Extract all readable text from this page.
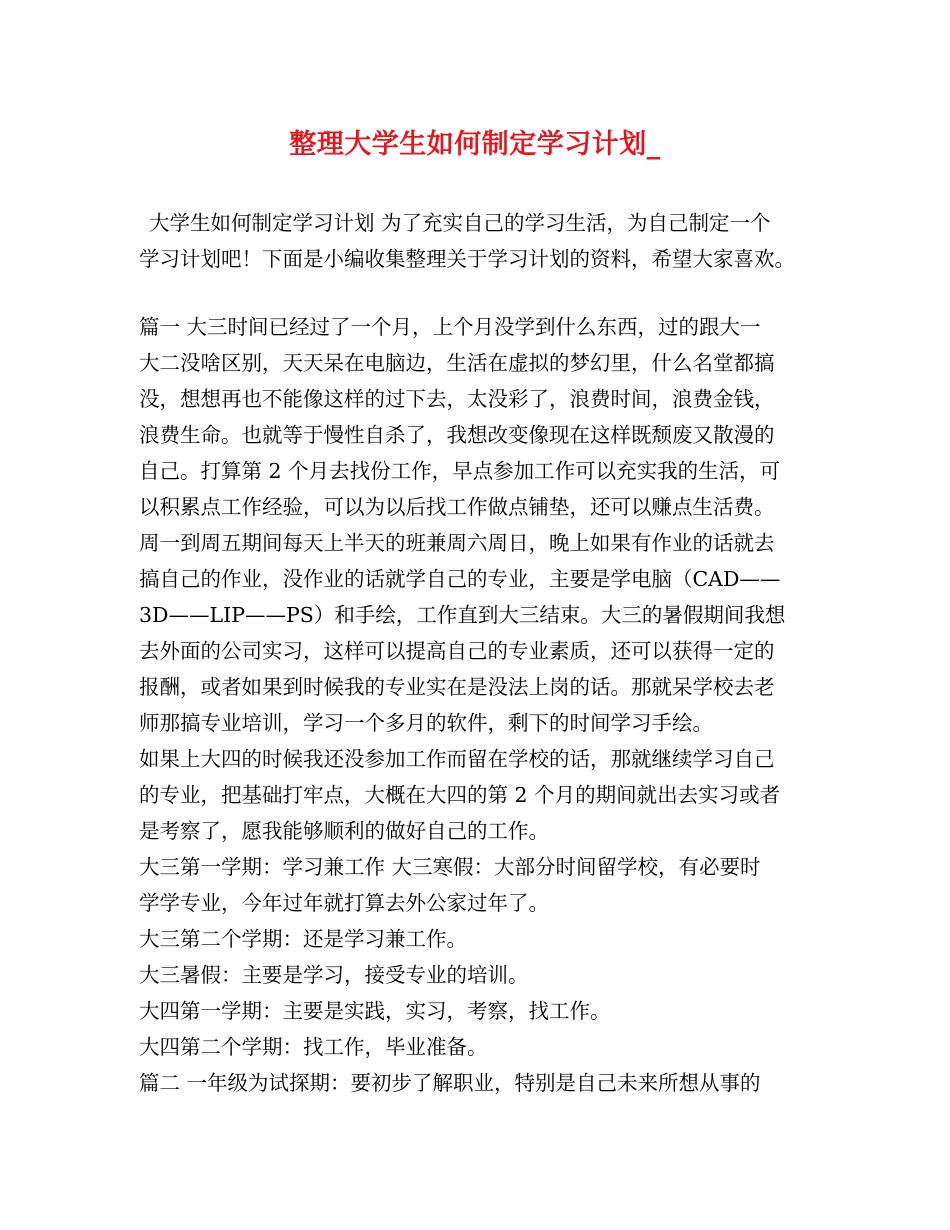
整理大学生如何制定学习计划_
大学生如何制定学习计划 为了充实自己的学习生活，为自己制定一个
学习计划吧！下面是小编收集整理关于学习计划的资料，希望大家喜欢。
篇一 大三时间已经过了一个月，上个月没学到什么东西，过的跟大一
大二没啥区别，天天呆在电脑边，生活在虚拟的梦幻里，什么名堂都搞
没，想想再也不能像这样的过下去，太没彩了，浪费时间，浪费金钱，
浪费生命。也就等于慢性自杀了，我想改变像现在这样既颓废又散漫的
自己。打算第 2 个月去找份工作，早点参加工作可以充实我的生活，可
以积累点工作经验，可以为以后找工作做点铺垫，还可以赚点生活费。
周一到周五期间每天上半天的班兼周六周日，晚上如果有作业的话就去
搞自己的作业，没作业的话就学自己的专业，主要是学电脑（CAD——
3D——LIP——PS）和手绘，工作直到大三结束。大三的暑假期间我想
去外面的公司实习，这样可以提高自己的专业素质，还可以获得一定的
报酬，或者如果到时候我的专业实在是没法上岗的话。那就呆学校去老
师那搞专业培训，学习一个多月的软件，剩下的时间学习手绘。
如果上大四的时候我还没参加工作而留在学校的话，那就继续学习自己
的专业，把基础打牢点，大概在大四的第 2 个月的期间就出去实习或者
是考察了，愿我能够顺利的做好自己的工作。
大三第一学期：学习兼工作 大三寒假：大部分时间留学校，有必要时
学学专业，今年过年就打算去外公家过年了。
大三第二个学期：还是学习兼工作。
大三暑假：主要是学习，接受专业的培训。
大四第一学期：主要是实践，实习，考察，找工作。
大四第二个学期：找工作，毕业准备。
篇二 一年级为试探期：要初步了解职业，特别是自己未来所想从事的
